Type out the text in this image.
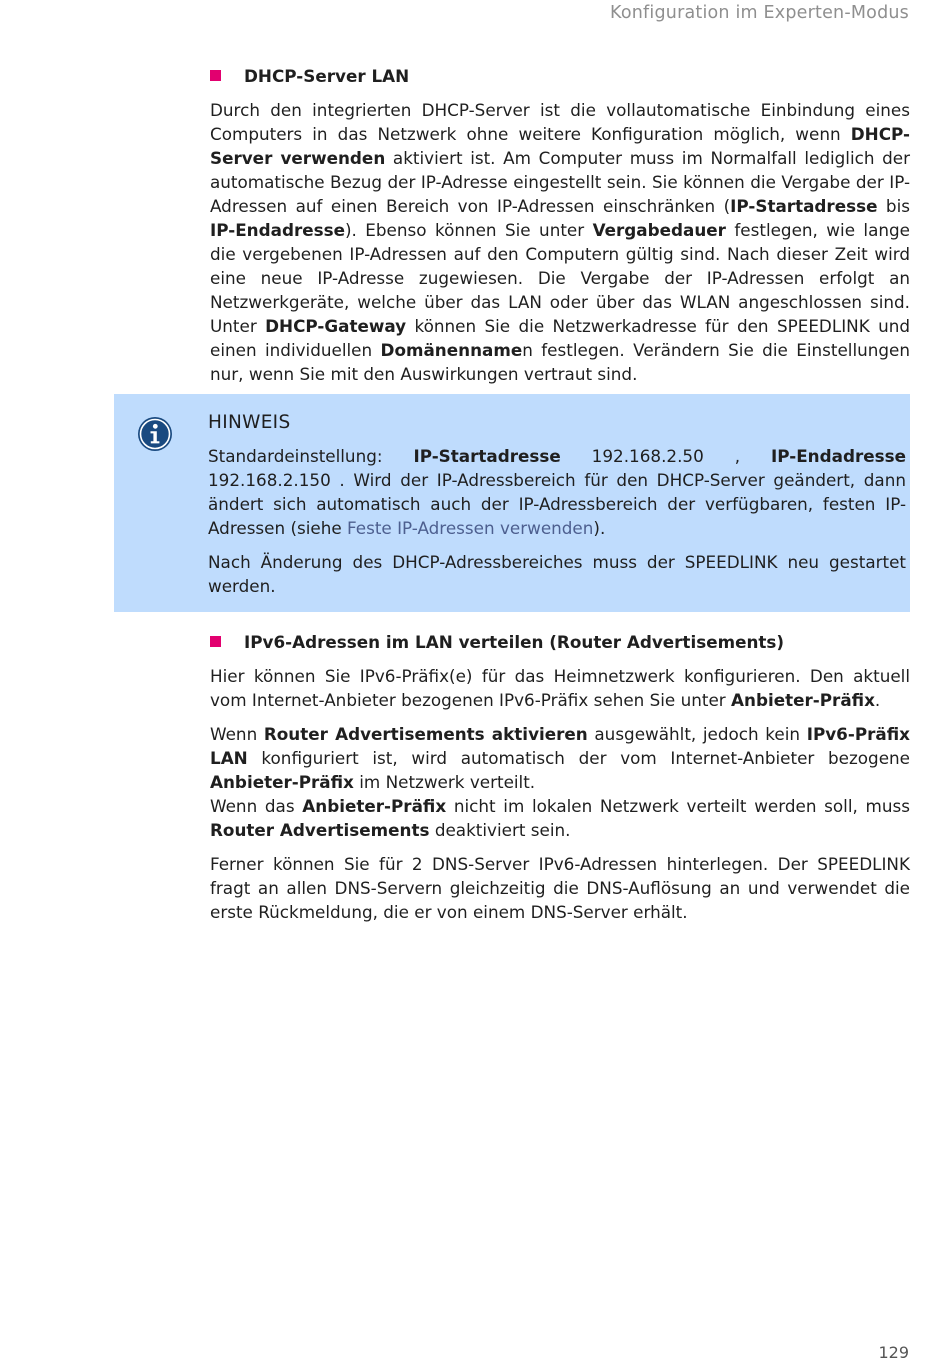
Konfiguration im Experten-Modus
DHCP-Server LAN

Durch den integrierten DHCP-Server ist die vollautomatische Einbindung eines Computers in das Netzwerk ohne weitere Konfiguration möglich, wenn DHCP-Server verwenden aktiviert ist. Am Computer muss im Normalfall lediglich der automatische Bezug der IP-Adresse eingestellt sein. Sie können die Vergabe der IP-Adressen auf einen Bereich von IP-Adressen einschränken (IP-Startadresse bis IP-Endadresse). Ebenso können Sie unter Vergabedauer festlegen, wie lange die vergebenen IP-Adressen auf den Computern gültig sind. Nach dieser Zeit wird eine neue IP-Adresse zugewiesen. Die Vergabe der IP-Adressen erfolgt an Netzwerkgeräte, welche über das LAN oder über das WLAN angeschlossen sind. Unter DHCP-Gateway können Sie die Netzwerkadresse für den SPEEDLINK und einen individuellen Domänennamen festlegen. Verändern Sie die Einstellungen nur, wenn Sie mit den Auswirkungen vertraut sind.

HINWEIS

Standardeinstellung: IP-Startadresse 192.168.2.50 , IP-Endadresse 192.168.2.150 . Wird der IP-Adressbereich für den DHCP-Server geändert, dann ändert sich automatisch auch der IP-Adressbereich der verfügbaren, festen IP-Adressen (siehe Feste IP-Adressen verwenden).

Nach Änderung des DHCP-Adressbereiches muss der SPEEDLINK neu gestartet werden.

IPv6-Adressen im LAN verteilen (Router Advertisements)

Hier können Sie IPv6-Präfix(e) für das Heimnetzwerk konfigurieren. Den aktuell vom Internet-Anbieter bezogenen IPv6-Präfix sehen Sie unter Anbieter-Präfix.

Wenn Router Advertisements aktivieren ausgewählt, jedoch kein IPv6-Präfix LAN konfiguriert ist, wird automatisch der vom Internet-Anbieter bezogene Anbieter-Präfix im Netzwerk verteilt.

Wenn das Anbieter-Präfix nicht im lokalen Netzwerk verteilt werden soll, muss Router Advertisements deaktiviert sein.

Ferner können Sie für 2 DNS-Server IPv6-Adressen hinterlegen. Der SPEEDLINK fragt an allen DNS-Servern gleichzeitig die DNS-Auflösung an und verwendet die erste Rückmeldung, die er von einem DNS-Server erhält.

129
